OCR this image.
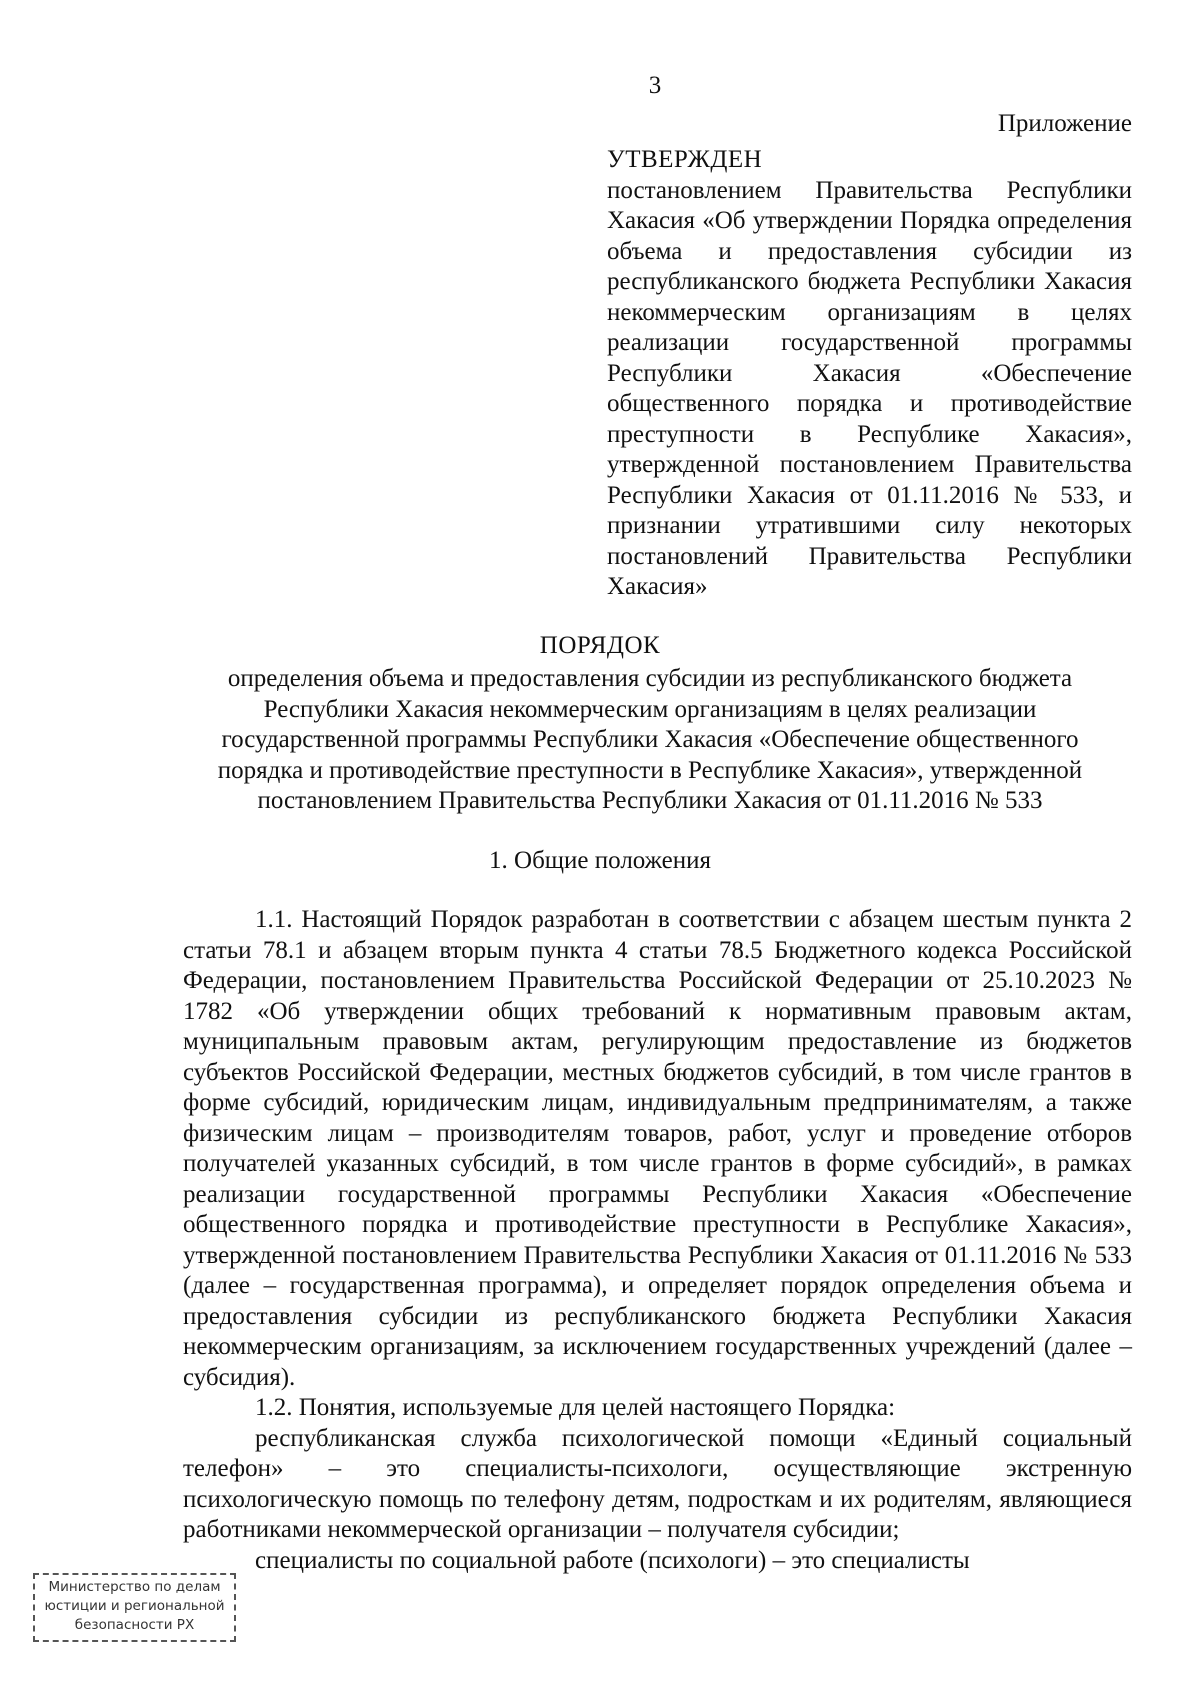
3
Приложение
УТВЕРЖДЕН
постановлением Правительства Республики Хакасия «Об утверждении Порядка определения объема и предоставления субсидии из республиканского бюджета Республики Хакасия некоммерческим организациям в целях реализации государственной программы Республики Хакасия «Обеспечение общественного порядка и противодействие преступности в Республике Хакасия», утвержденной постановлением Правительства Республики Хакасия от 01.11.2016 № 533, и признании утратившими силу некоторых постановлений Правительства Республики Хакасия»
ПОРЯДОК
определения объема и предоставления субсидии из республиканского бюджета Республики Хакасия некоммерческим организациям в целях реализации государственной программы Республики Хакасия «Обеспечение общественного порядка и противодействие преступности в Республике Хакасия», утвержденной постановлением Правительства Республики Хакасия от 01.11.2016 № 533
1. Общие положения

1.1. Настоящий Порядок разработан в соответствии с абзацем шестым пункта 2 статьи 78.1 и абзацем вторым пункта 4 статьи 78.5 Бюджетного кодекса Российской Федерации, постановлением Правительства Российской Федерации от 25.10.2023 № 1782 «Об утверждении общих требований к нормативным правовым актам, муниципальным правовым актам, регулирующим предоставление из бюджетов субъектов Российской Федерации, местных бюджетов субсидий, в том числе грантов в форме субсидий, юридическим лицам, индивидуальным предпринимателям, а также физическим лицам – производителям товаров, работ, услуг и проведение отборов получателей указанных субсидий, в том числе грантов в форме субсидий», в рамках реализации государственной программы Республики Хакасия «Обеспечение общественного порядка и противодействие преступности в Республике Хакасия», утвержденной постановлением Правительства Республики Хакасия от 01.11.2016 № 533 (далее – государственная программа), и определяет порядок определения объема и предоставления субсидии из республиканского бюджета Республики Хакасия некоммерческим организациям, за исключением государственных учреждений (далее – субсидия).

1.2. Понятия, используемые для целей настоящего Порядка:

республиканская служба психологической помощи «Единый социальный телефон» – это специалисты-психологи, осуществляющие экстренную психологическую помощь по телефону детям, подросткам и их родителям, являющиеся работниками некоммерческой организации – получателя субсидии;

специалисты по социальной работе (психологи) – это специалисты

Министерство по делам
юстиции и региональной
безопасности РХ
